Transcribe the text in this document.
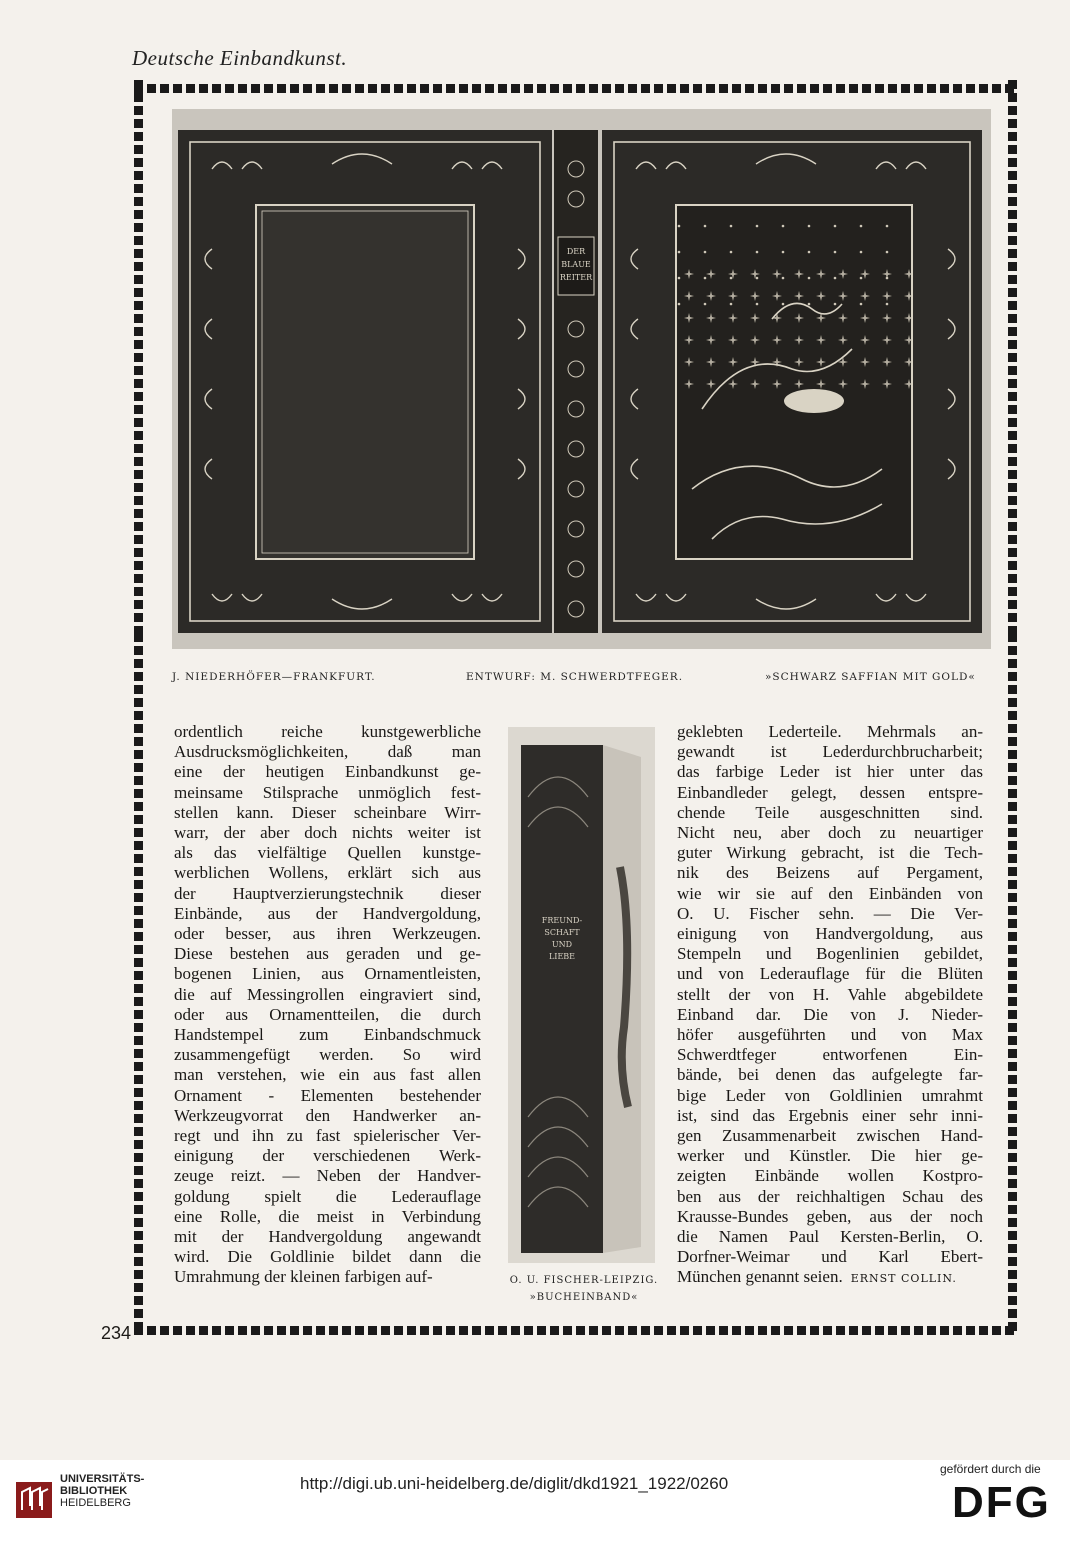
Deutsche Einbandkunst.
DER
BLAUE
REITER
J. NIEDERHÖFER—FRANKFURT.	ENTWURF: M. SCHWERDTFEGER.	»SCHWARZ SAFFIAN MIT GOLD«

ordentlich reiche kunstgewerbliche

Ausdrucksmöglichkeiten, daß man

eine der heutigen Einbandkunst ge-

meinsame Stilsprache unmöglich fest-

stellen kann. Dieser scheinbare Wirr-

warr, der aber doch nichts weiter ist

als das vielfältige Quellen kunstge-

werblichen Wollens, erklärt sich aus

der Hauptverzierungstechnik dieser

Einbände, aus der Handvergoldung,

oder besser, aus ihren Werkzeugen.

Diese bestehen aus geraden und ge-

bogenen Linien, aus Ornamentleisten,

die auf Messingrollen eingraviert sind,

oder aus Ornamentteilen, die durch

Handstempel zum Einbandschmuck

zusammengefügt werden. So wird

man verstehen, wie ein aus fast allen

Ornament - Elementen bestehender

Werkzeugvorrat den Handwerker an-

regt und ihn zu fast spielerischer Ver-

einigung der verschiedenen Werk-

zeuge reizt. — Neben der Handver-

goldung spielt die Lederauflage

eine Rolle, die meist in Verbindung

mit der Handvergoldung angewandt

wird. Die Goldlinie bildet dann die

Umrahmung der kleinen farbigen auf-

FREUND-
SCHAFT
UND
LIEBE
O. U. FISCHER-LEIPZIG.
»BUCHEINBAND«

geklebten Lederteile. Mehrmals an-

gewandt ist Lederdurchbrucharbeit;

das farbige Leder ist hier unter das

Einbandleder gelegt, dessen entspre-

chende Teile ausgeschnitten sind.

Nicht neu, aber doch zu neuartiger

guter Wirkung gebracht, ist die Tech-

nik des Beizens auf Pergament,

wie wir sie auf den Einbänden von

O. U. Fischer sehn. — Die Ver-

einigung von Handvergoldung, aus

Stempeln und Bogenlinien gebildet,

und von Lederauflage für die Blüten

stellt der von H. Vahle abgebildete

Einband dar. Die von J. Nieder-

höfer ausgeführten und von Max

Schwerdtfeger entworfenen Ein-

bände, bei denen das aufgelegte far-

bige Leder von Goldlinien umrahmt

ist, sind das Ergebnis einer sehr inni-

gen Zusammenarbeit zwischen Hand-

werker und Künstler. Die hier ge-

zeigten Einbände wollen Kostpro-

ben aus der reichhaltigen Schau des

Krausse-Bundes geben, aus der noch

die Namen Paul Kersten-Berlin, O.

Dorfner-Weimar und Karl Ebert-

München genannt seien. ERNST COLLIN.

234
UNIVERSITÄTS-
BIBLIOTHEK
HEIDELBERG
http://digi.ub.uni-heidelberg.de/diglit/dkd1921_1922/0260
gefördert durch die
DFG
